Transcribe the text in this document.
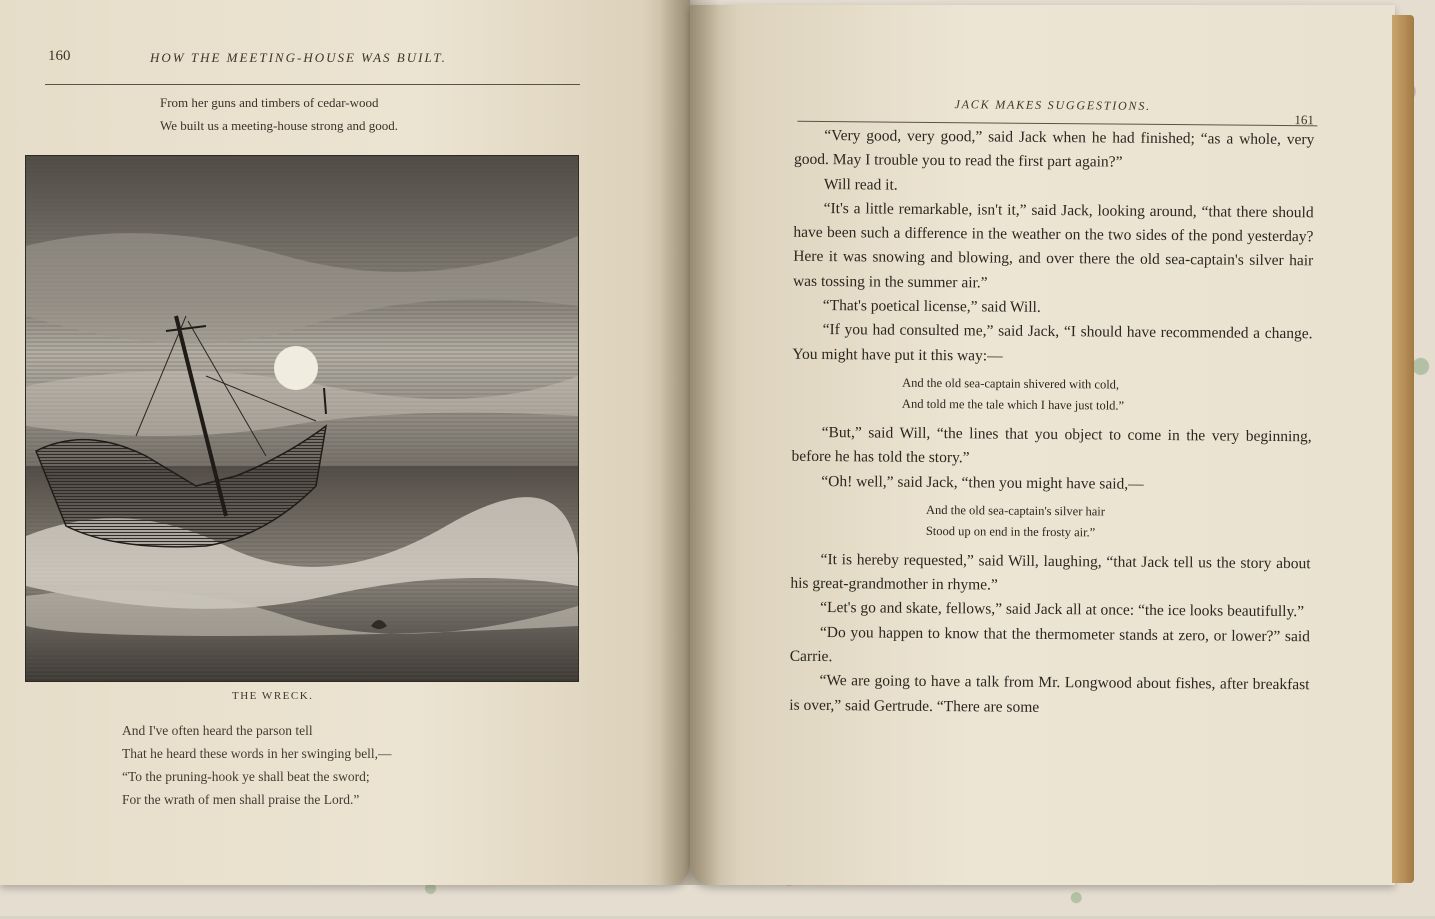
160	HOW THE MEETING-HOUSE WAS BUILT.
From her guns and timbers of cedar-wood
We built us a meeting-house strong and good.
THE WRECK.
And I've often heard the parson tell
That he heard these words in her swinging bell,—
“To the pruning-hook ye shall beat the sword;
For the wrath of men shall praise the Lord.”
JACK MAKES SUGGESTIONS.
161

“Very good, very good,” said Jack when he had finished; “as a whole, very good. May I trouble you to read the first part again?”

Will read it.

“It's a little remarkable, isn't it,” said Jack, looking around, “that there should have been such a difference in the weather on the two sides of the pond yesterday? Here it was snowing and blowing, and over there the old sea-captain's silver hair was tossing in the summer air.”

“That's poetical license,” said Will.

“If you had consulted me,” said Jack, “I should have recommended a change. You might have put it this way:—

And the old sea-captain shivered with cold,
And told me the tale which I have just told.”

“But,” said Will, “the lines that you object to come in the very beginning, before he has told the story.”

“Oh! well,” said Jack, “then you might have said,—

And the old sea-captain's silver hair
Stood up on end in the frosty air.”

“It is hereby requested,” said Will, laughing, “that Jack tell us the story about his great-grandmother in rhyme.”

“Let's go and skate, fellows,” said Jack all at once: “the ice looks beautifully.”

“Do you happen to know that the thermometer stands at zero, or lower?” said Carrie.

“We are going to have a talk from Mr. Longwood about fishes, after breakfast is over,” said Gertrude. “There are some
